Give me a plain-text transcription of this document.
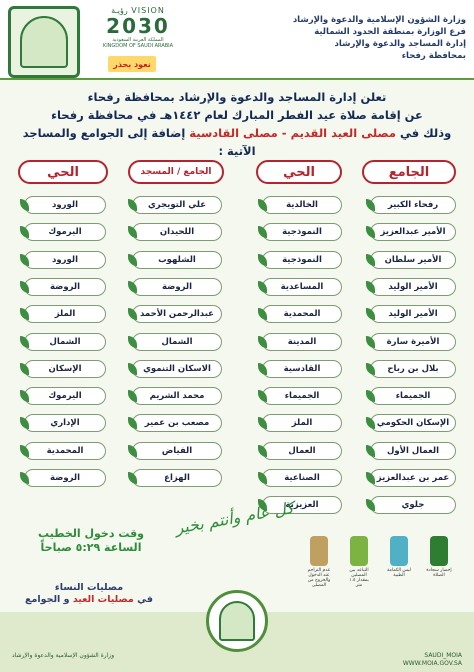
VISION رؤيـة
2030
المملكة العربية السعودية
KINGDOM OF SAUDI ARABIA
نعود بحذر
وزارة الشؤون الإسلامية والدعوة والإرشاد
فرع الوزارة بمنطقة الحدود الشمالية
إدارة المساجد والدعوة والإرشاد
بمحافظة رفحاء

تعلن إدارة المساجد والدعوة والإرشاد بمحافظة رفحاء

عن إقامة صلاة عيد الفطر المبارك لعام ١٤٤٢هـ في محافظة رفحاء

وذلك في مصلى العيد القديم - مصلى القادسية إضافة إلى الجوامع والمساجد الآتية :

الجامع
الحي
الجامع / المسجد
الحي
رفحاء الكبير
الأمير عبدالعزيز
الأمير سلطان
الأمير الوليد
الأمير الوليد
الأميرة سارة
بلال بن رباح
الجميماء
الإسكان الحكومي
العمال الأول
عمر بن عبدالعزيز
جلوي
الخالدية
النموذجية
النموذجية
المساعدية
المحمدية
المدينة
القادسية
الجميماء
الملز
العمال
الصناعية
العزيزية
علي التويجري
اللحيدان
الشلهوب
الروضة
عبدالرحمن الأحمد
الشمال
الاسكان التنموي
محمد الشريم
مصعب بن عمير
الفياض
الهزاع
الورود
اليرموك
الورود
الروضة
الملز
الشمال
الإسكان
اليرموك
الإداري
المحمدية
الروضة
كل عام وأنتم بخير
وقت دخول الخطيب
الساعة ٥:٢٩ صباحاً
مصليات النساء
في مصليات العيد و الجوامع
إحضار سجادة الصلاة
لبس الكمامة الطبية
التباعد بين المصلين بمقدار ١.٥ متر
عدم التزاحم عند الدخول والخروج من المصلى
SAUDI_MOIA
WWW.MOIA.GOV.SA
وزارة الشؤون الإسلامية والدعوة والإرشاد
